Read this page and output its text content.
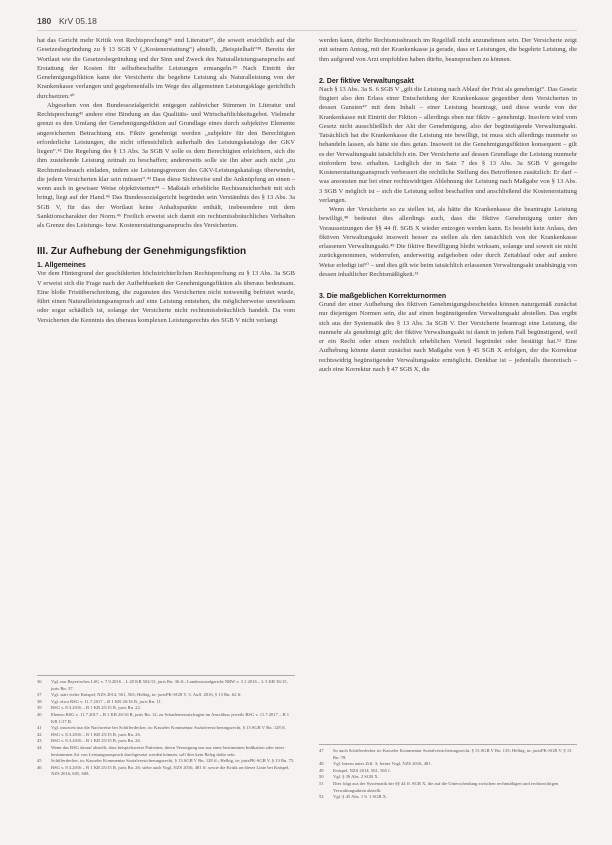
180 KrV 05.18

hat das Gericht mehr Kritik von Rechtsprechung³⁶ und Literatur³⁷, die soweit ersichtlich auf die Gesetzesbegründung zu § 13 SGB V („Kostenerstattung“) abstellt, „Beispielhaft“³⁸. Bereits der Wortlaut wie die Gesetzesbegründung und der Sinn und Zweck des Naturalleistungsanspruchs auf Erstattung der Kosten für selbstbeschaffte Leistungen ermangeln.³⁹ Nach Eintritt der Genehmigungsfiktion kann der Versicherte die begehrte Leistung als Naturalleistung von der Krankenkasse verlangen und gegebenenfalls im Wege des allgemeinen Leistungsklage gerichtlich durchsetzen.⁴⁰

Abgesehen von den Bundessozialgericht entgegen zahlreicher Stimmen in Literatur und Rechtsprechung⁴¹ andere eine Bindung an das Qualitäts- und Wirtschaftlichkeitsgebot. Vielmehr grenzt es den Umfang der Genehmigungsfiktion auf Grundlage eines durch subjektive Elemente angereicherten Betrachtung ein. Fiktiv genehmigt werden „subjektiv für den Berechtigten erforderliche Leistungen, die nicht offensichtlich außerhalb des Leistungskatalogs der GKV liegen“.⁴² Die Regelung des § 13 Abs. 3a SGB V solle es dem Berechtigten erleichtern, sich die ihm zustehende Leistung zeitnah zu beschaffen; andererseits solle sie ihn aber auch nicht „zu Rechtsmissbrauch einladen, indem sie Leistungsgrenzen des GKV-Leistungskatalogs überwindet, die jedem Versicherten klar sein müssen“.⁴³ Dass diese Sichtweise und die Anknüpfung an einen – wenn auch in gewisser Weise objektivierten⁴⁴ – Maßstab erhebliche Rechtsunsicherheit mit sich bringt, liegt auf der Hand.⁴⁵ Das Bundessozialgericht begründet sein Verständnis des § 13 Abs. 3a SGB V, für das der Wortlaut keine Anhaltspunkte enthält, insbesondere mit dem Sanktionscharakter der Norm.⁴⁶ Freilich erweist sich damit ein rechtsmissbräuchliches Verhalten als Grenze des Leistungs- bzw. Kostenerstattungsanspruchs des Versicherten.

III. Zur Aufhebung der Genehmigungsfiktion

1. Allgemeines

Vor dem Hintergrund der geschilderten höchstrichterlichen Rechtsprechung zu § 13 Abs. 3a SGB V erweist sich die Frage nach der Aufhebbarkeit der Genehmigungsfiktion als überaus bedeutsam. Eine bloße Fristüberschreitung, die zugunsten des Versicherten nicht notwendig befristet wurde, führt einen Naturalleistungsanspruch auf eine Leistung entstehen, die möglicherweise unwirksam oder sogar schädlich ist, solange der Versicherte nicht rechtsmissbräuchlich handelt. Da vom Versicherten die Kenntnis des überaus komplexen Leistungsrechts des SGB V nicht verlangt

36 Vgl. nur Bayerisches LSG v. 7.9.2016 – L 20 KR 502/15, juris Rn. 36 ff.; Landessozialgericht NRW v. 3.1.2016 – L 5 KR 36/15, juris Rn. 37.
37 Vgl. statt vieler Knispel, NZS 2014, 561, 563; Helbig, in: jurisPK-SGB V, 3. Aufl. 2016, § 13 Rn. 62 ff.
38 Vgl. etwa BSG v. 11.7.2017 – B 1 KR 26/16 R, juris Rn. 11.
39 BSG v. 8.3.2016 – B 1 KR 25/15 R, juris Rn. 22.
40 Ebenso BSG v. 11.7.2017 – B 1 KR 26/16 R, juris Rn. 12; zu Schadensersatzfragen im Anschluss jeweils BSG v. 11.7.2017 – B 1 KR 1/17 R.
41 Vgl. insoweit nur die Nachweise bei Schifferdecker, in: Kasseler Kommentar Sozialversicherungsrecht, § 13 SGB V Rn. 128 ff.
42 BSG v. 8.3.2016 – B 1 KR 25/15 R, juris Rn. 26.
43 BSG v. 8.3.2016 – B 1 KR 25/15 R, juris Rn. 26.
44 Wenn das BSG darauf abstellt, dass beispielsweise Patienten, deren Versorgung nur aus einer bestimmten Indikation oder einer bestimmten Art von Leistungsanspruch durchgesetzt werden können, soll dies kein Beleg dafür sein.
45 Schifferdecker, in: Kasseler Kommentar Sozialversicherungsrecht, § 13 SGB V Rn. 128 ff.; Helbig, in: jurisPK-SGB V, § 13 Rn. 75.
46 BSG v. 8.3.2016 – B 1 KR 25/15 R, juris Rn. 26; siehe auch Vogl, NZS 2016, 481 ff. sowie die Kritik an dieser Linie bei Knispel, NZS 2016, 605, 608.

werden kann, dürfte Rechtsmissbrauch im Regelfall nicht anzunehmen sein. Der Versicherte zeigt mit seinem Antrag, mit der Krankenkasse ja gerade, dass er Leistungen, die begehrte Leistung, die ihm aufgrund von Arzt empfohlen haben dürfte, beanspruchen zu können.

2. Der fiktive Verwaltungsakt

Nach § 13 Abs. 3a S. 6 SGB V „gilt die Leistung nach Ablauf der Frist als genehmigt“. Das Gesetz fingiert also den Erlass einer Entscheidung der Krankenkasse gegenüber dem Versicherten in dessen Gunsten⁴⁷ mit dem Inhalt – einer Leistung beantragt, und diese wurde von der Krankenkasse mit Eintritt der Fiktion – allerdings eben nur fiktiv – genehmigt. Insofern wird vom Gesetz nicht ausschließlich der Akt der Genehmigung, also der begünstigende Verwaltungsakt. Tatsächlich hat die Krankenkasse die Leistung nie bewilligt, ist muss sich allerdings nunmehr so behandeln lassen, als hätte sie dies getan. Insoweit ist die Genehmigungsfiktion konsequent – gilt es der Verwaltungsakt tatsächlich ein. Der Versicherte auf dessen Grundlage die Leistung nunmehr einfordern bzw. erhalten. Lediglich der in Satz 7 des § 13 Abs. 3a SGB V geregelte Kostenerstattungsanspruch verbessert die rechtliche Stellung des Betroffenen zusätzlich: Er darf – was ansonsten nur bei einer rechtswidrigen Ablehnung der Leistung nach Maßgabe von § 13 Abs. 3 SGB V möglich ist – sich die Leistung selbst beschaffen und anschließend die Kostenerstattung verlangen.

Wenn der Versicherte so zu stellen ist, als hätte die Krankenkasse die beantragte Leistung bewilligt,⁴⁸ bedeutet dies allerdings auch, dass die fiktive Genehmigung unter den Voraussetzungen der §§ 44 ff. SGB X wieder entzogen werden kann. Es besteht kein Anlass, den fiktiven Verwaltungsakt insoweit besser zu stellen als den tatsächlich von der Krankenkasse erlassenen Verwaltungsakt.⁴⁹ Die fiktive Bewilligung bleibt wirksam, solange und soweit sie nicht zurückgenommen, widerrufen, anderweitig aufgehoben oder durch Zeitablauf oder auf andere Weise erledigt ist⁵⁰ – und dies gilt wie beim tatsächlich erlassenen Verwaltungsakt unabhängig von dessen inhaltlicher Rechtsmäßigkeit.⁵¹

3. Die maßgeblichen Korrekturnormen

Grund der einer Aufhebung des fiktiven Genehmigungsbescheides können naturgemäß zunächst nur diejenigen Normen sein, die auf einen begünstigenden Verwaltungsakt abstellen. Das ergibt sich aus der Systematik des § 13 Abs. 3a SGB V. Der Versicherte beantragt eine Leistung, die nunmehr als genehmigt gilt; der fiktive Verwaltungsakt ist damit in jedem Fall begünstigend, weil er ein Recht oder einen rechtlich erheblichen Vorteil begründet oder bestätigt hat.⁵² Eine Aufhebung könnte damit zunächst nach Maßgabe von § 45 SGB X erfolgen, der die Korrektur rechtswidrig begünstigender Verwaltungsakte ermöglicht. Denkbar ist – jedenfalls theoretisch – auch eine Korrektur nach § 47 SGB X, die

47 So auch Schifferdecker in: Kasseler Kommentar Sozialversicherungsrecht, § 13 SGB V Rn. 135; Helbig, in: jurisPK-SGB V, § 13 Rn. 78.
48 Vgl. hierzu unter Ziff. 3; ferner Vogl, NZS 2016, 481.
49 Knispel, NZS 2014, 561, 565 f.
50 Vgl. § 39 Abs. 2 SGB X.
51 Dies folgt aus der Systematik der §§ 44 ff. SGB X, die auf die Unterscheidung zwischen rechtmäßigen und rechtswidrigen Verwaltungsakten abstellt.
52 Vgl. § 45 Abs. 1 S. 1 SGB X.
